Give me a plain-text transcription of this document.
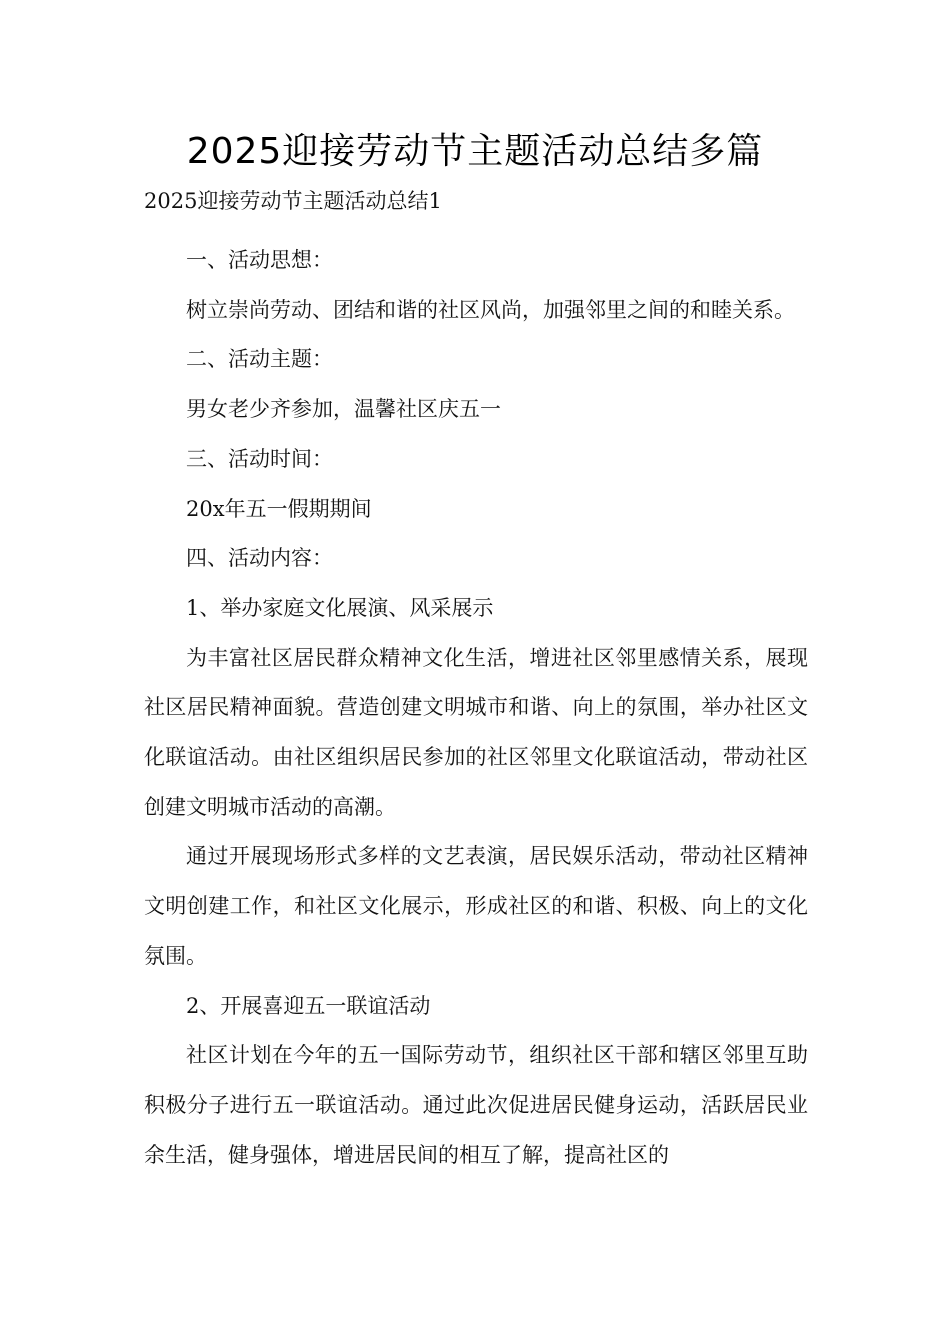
2025迎接劳动节主题活动总结多篇
2025迎接劳动节主题活动总结1

一、活动思想：

树立崇尚劳动、团结和谐的社区风尚，加强邻里之间的和睦关系。

二、活动主题：

男女老少齐参加，温馨社区庆五一

三、活动时间：

20x年五一假期期间

四、活动内容：

1、举办家庭文化展演、风采展示

为丰富社区居民群众精神文化生活，增进社区邻里感情关系，展现社区居民精神面貌。营造创建文明城市和谐、向上的氛围，举办社区文化联谊活动。由社区组织居民参加的社区邻里文化联谊活动，带动社区创建文明城市活动的高潮。

通过开展现场形式多样的文艺表演，居民娱乐活动，带动社区精神文明创建工作，和社区文化展示，形成社区的和谐、积极、向上的文化氛围。

2、开展喜迎五一联谊活动

社区计划在今年的五一国际劳动节，组织社区干部和辖区邻里互助积极分子进行五一联谊活动。通过此次促进居民健身运动，活跃居民业余生活，健身强体，增进居民间的相互了解，提高社区的
